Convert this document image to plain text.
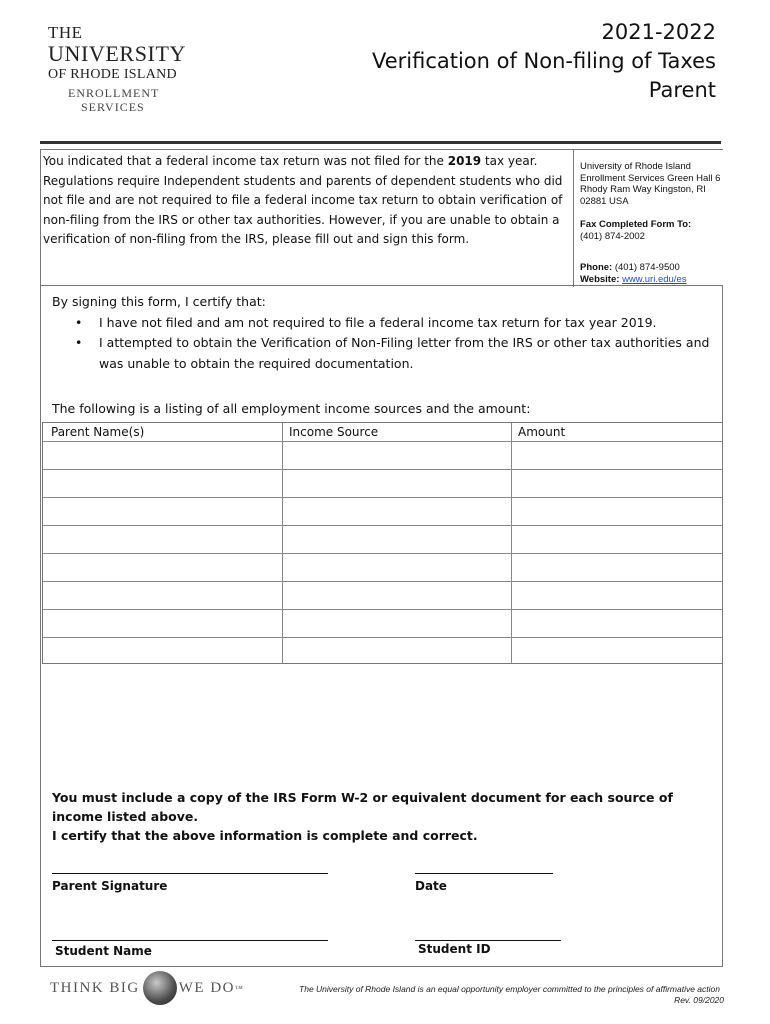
THE
UNIVERSITY
OF RHODE ISLAND
ENROLLMENT
SERVICES
2021-2022
Verification of Non-filing of Taxes
Parent
You indicated that a federal income tax return was not filed for the 2019 tax year. Regulations require Independent students and parents of dependent students who did not file and are not required to file a federal income tax return to obtain verification of non-filing from the IRS or other tax authorities. However, if you are unable to obtain a verification of non-filing from the IRS, please fill out and sign this form.
University of Rhode Island Enrollment Services Green Hall 6 Rhody Ram Way Kingston, RI 02881 USA
Fax Completed Form To:
(401) 874-2002
Phone: (401) 874-9500
Website: www.uri.edu/es
By signing this form, I certify that:
• I have not filed and am not required to file a federal income tax return for tax year 2019.
• I attempted to obtain the Verification of Non-Filing letter from the IRS or other tax authorities and was unable to obtain the required documentation.
The following is a listing of all employment income sources and the amount:
Parent Name(s)	Income Source	Amount
You must include a copy of the IRS Form W-2 or equivalent document for each source of income listed above.
I certify that the above information is complete and correct.
Parent Signature	Date
Student Name	Student ID
THINK BIG	WE DO ™	The University of Rhode Island is an equal opportunity employer committed to the principles of affirmative action
Rev. 09/2020
